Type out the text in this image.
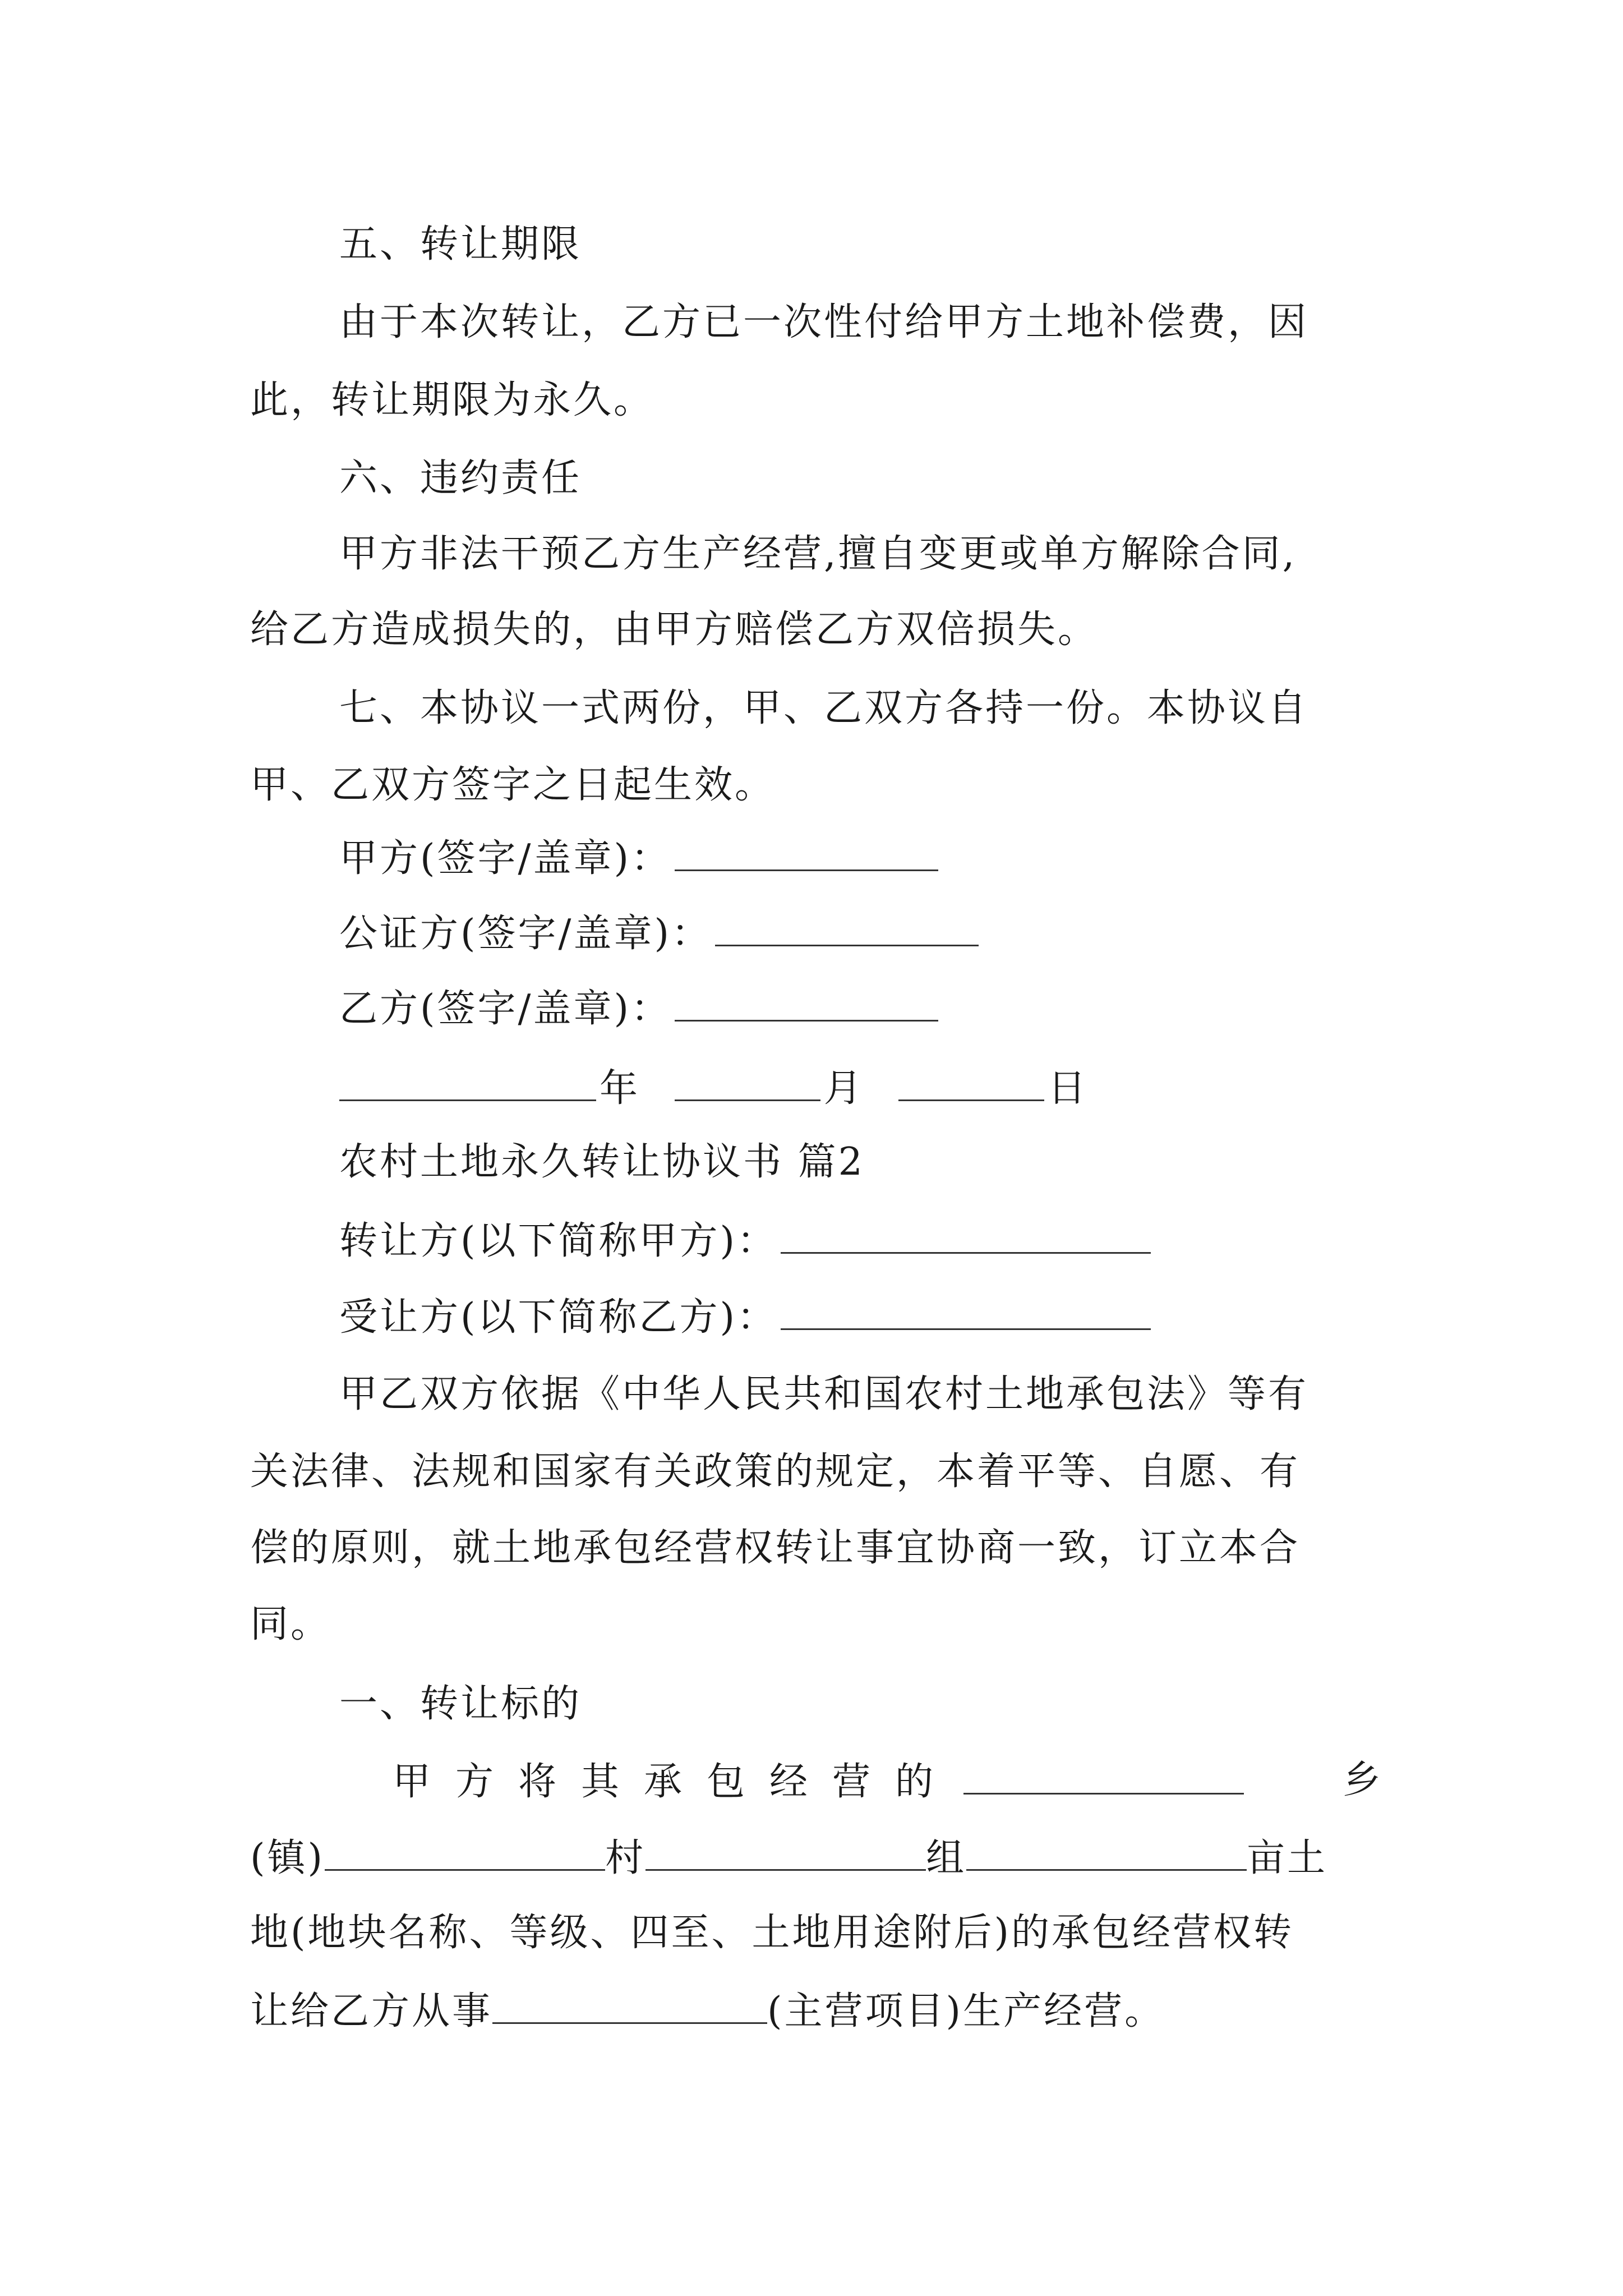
五、转让期限
由于本次转让，乙方已一次性付给甲方土地补偿费，因
此，转让期限为永久。
六、违约责任
甲方非法干预乙方生产经营,擅自变更或单方解除合同,
给乙方造成损失的，由甲方赔偿乙方双倍损失。
七、本协议一式两份，甲、乙双方各持一份。本协议自
甲、乙双方签字之日起生效。
甲方(签字/盖章)：
公证方(签字/盖章)：
乙方(签字/盖章)：
年	月	日
农村土地永久转让协议书 篇2
转让方(以下简称甲方)：
受让方(以下简称乙方)：
甲乙双方依据《中华人民共和国农村土地承包法》等有
关法律、法规和国家有关政策的规定，本着平等、自愿、有
偿的原则，就土地承包经营权转让事宜协商一致，订立本合
同。
一、转让标的
甲方将其承包经营的	乡
(镇)	村	组	亩土
地(地块名称、等级、四至、土地用途附后)的承包经营权转
让给乙方从事	(主营项目)生产经营。
